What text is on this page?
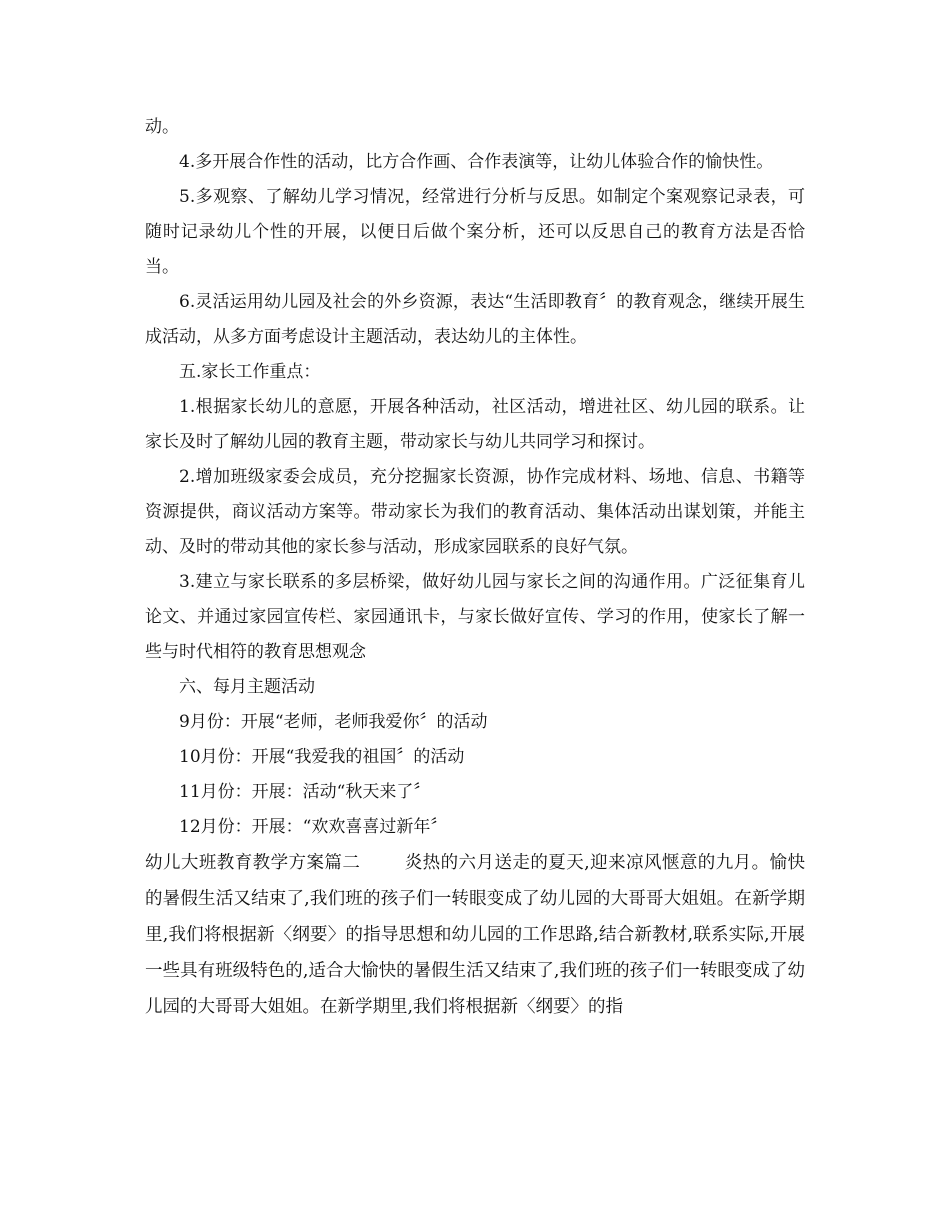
动。

4.多开展合作性的活动，比方合作画、合作表演等，让幼儿体验合作的愉快性。

5.多观察、了解幼儿学习情况，经常进行分析与反思。如制定个案观察记录表，可随时记录幼儿个性的开展，以便日后做个案分析，还可以反思自己的教育方法是否恰当。

6.灵活运用幼儿园及社会的外乡资源，表达“生活即教育〞的教育观念，继续开展生成活动，从多方面考虑设计主题活动，表达幼儿的主体性。

五.家长工作重点：

1.根据家长幼儿的意愿，开展各种活动，社区活动，增进社区、幼儿园的联系。让家长及时了解幼儿园的教育主题，带动家长与幼儿共同学习和探讨。

2.增加班级家委会成员，充分挖掘家长资源，协作完成材料、场地、信息、书籍等资源提供，商议活动方案等。带动家长为我们的教育活动、集体活动出谋划策，并能主动、及时的带动其他的家长参与活动，形成家园联系的良好气氛。

3.建立与家长联系的多层桥梁，做好幼儿园与家长之间的沟通作用。广泛征集育儿论文、并通过家园宣传栏、家园通讯卡，与家长做好宣传、学习的作用，使家长了解一些与时代相符的教育思想观念

六、每月主题活动

9月份：开展“老师，老师我爱你〞的活动

10月份：开展“我爱我的祖国〞的活动

11月份：开展：活动“秋天来了〞

12月份：开展：“欢欢喜喜过新年〞

幼儿大班教育教学方案篇二	炎热的六月送走的夏天,迎来凉风惬意的九月。愉快的暑假生活又结束了,我们班的孩子们一转眼变成了幼儿园的大哥哥大姐姐。在新学期里,我们将根据新〈纲要〉的指导思想和幼儿园的工作思路,结合新教材,联系实际,开展一些具有班级特色的,适合大愉快的暑假生活又结束了,我们班的孩子们一转眼变成了幼儿园的大哥哥大姐姐。在新学期里,我们将根据新〈纲要〉的指
